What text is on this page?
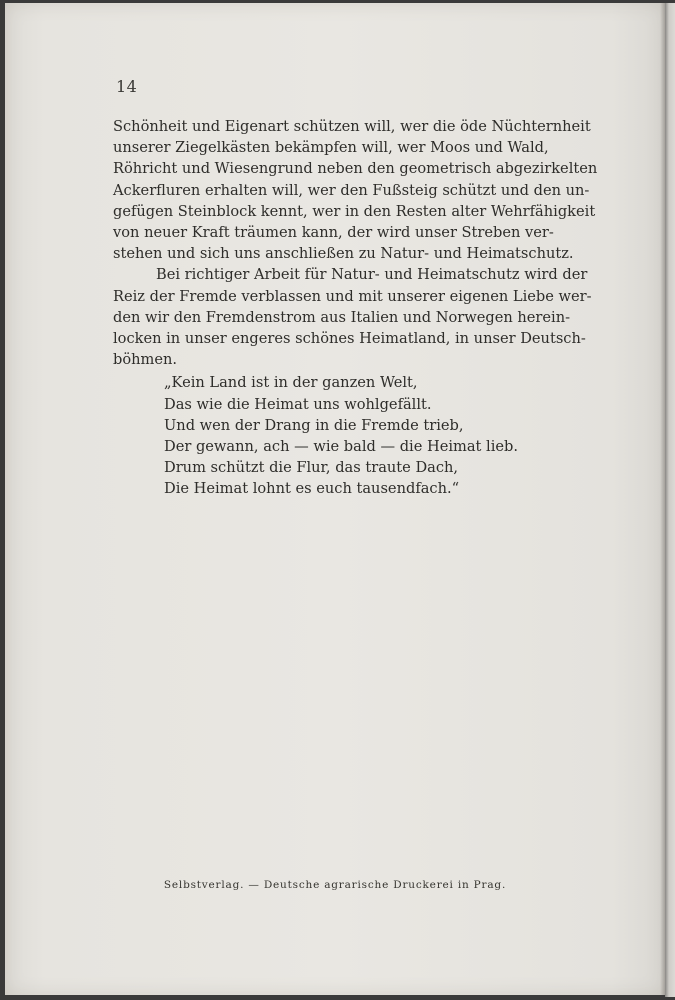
14
Schönheit und Eigenart schützen will, wer die öde Nüchternheit
unserer Ziegelkästen bekämpfen will, wer Moos und Wald,
Röhricht und Wiesengrund neben den geometrisch abgezirkelten
Ackerfluren erhalten will, wer den Fußsteig schützt und den un-
gefügen Steinblock kennt, wer in den Resten alter Wehrfähigkeit
von neuer Kraft träumen kann, der wird unser Streben ver-
stehen und sich uns anschließen zu Natur- und Heimatschutz.
Bei richtiger Arbeit für Natur- und Heimatschutz wird der
Reiz der Fremde verblassen und mit unserer eigenen Liebe wer-
den wir den Fremdenstrom aus Italien und Norwegen herein-
locken in unser engeres schönes Heimatland, in unser Deutsch-
böhmen.
„Kein Land ist in der ganzen Welt,
Das wie die Heimat uns wohlgefällt.
Und wen der Drang in die Fremde trieb,
Der gewann, ach — wie bald — die Heimat lieb.
Drum schützt die Flur, das traute Dach,
Die Heimat lohnt es euch tausendfach.“
Selbstverlag. — Deutsche agrarische Druckerei in Prag.
